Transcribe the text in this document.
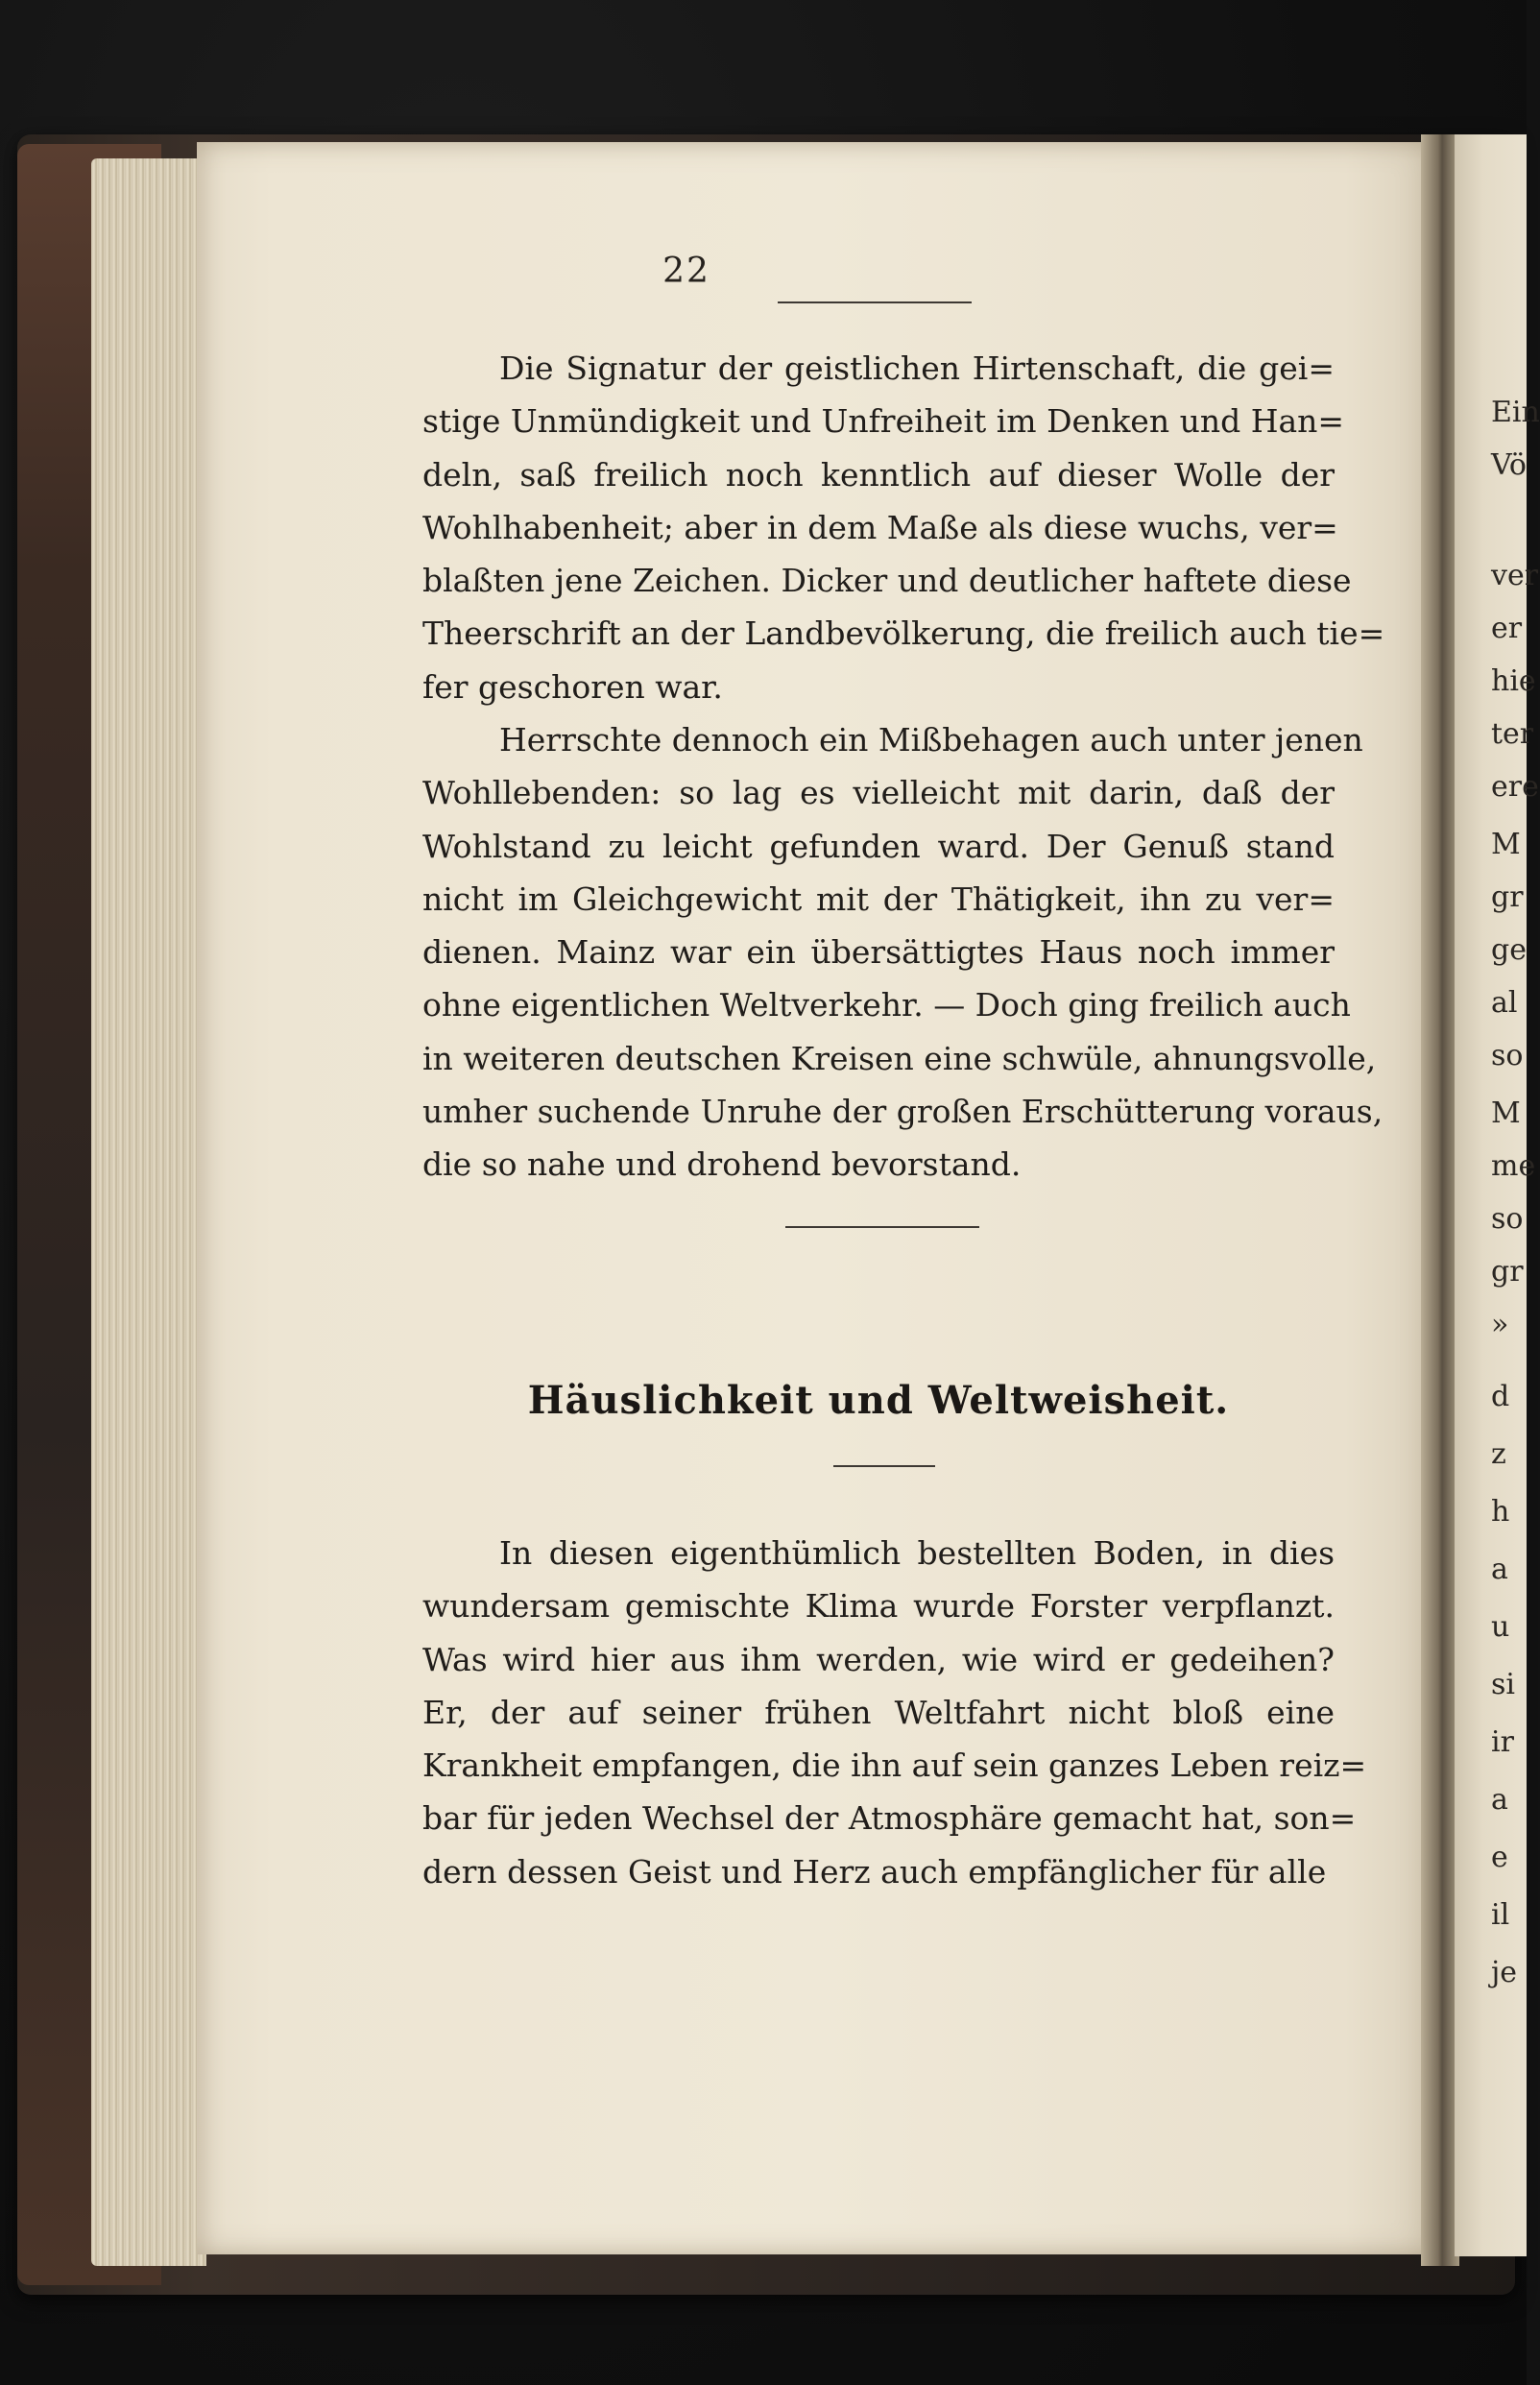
Ein
Vö
ver
er
hie
ter
ere
M
gr
ge
al
so
M
me
so
gr
»
d
z
h
a
u
si
ir
a
e
il
je
22
Die Signatur der geistlichen Hirtenschaft, die gei=
stige Unmündigkeit und Unfreiheit im Denken und Han=
deln, saß freilich noch kenntlich auf dieser Wolle der
Wohlhabenheit; aber in dem Maße als diese wuchs, ver=
blaßten jene Zeichen. Dicker und deutlicher haftete diese
Theerschrift an der Landbevölkerung, die freilich auch tie=
fer geschoren war.
Herrschte dennoch ein Mißbehagen auch unter jenen
Wohllebenden: so lag es vielleicht mit darin, daß der
Wohlstand zu leicht gefunden ward. Der Genuß stand
nicht im Gleichgewicht mit der Thätigkeit, ihn zu ver=
dienen. Mainz war ein übersättigtes Haus noch immer
ohne eigentlichen Weltverkehr. — Doch ging freilich auch
in weiteren deutschen Kreisen eine schwüle, ahnungsvolle,
umher suchende Unruhe der großen Erschütterung voraus,
die so nahe und drohend bevorstand.
Häuslichkeit und Weltweisheit.
In diesen eigenthümlich bestellten Boden, in dies
wundersam gemischte Klima wurde Forster verpflanzt.
Was wird hier aus ihm werden, wie wird er gedeihen?
Er, der auf seiner frühen Weltfahrt nicht bloß eine
Krankheit empfangen, die ihn auf sein ganzes Leben reiz=
bar für jeden Wechsel der Atmosphäre gemacht hat, son=
dern dessen Geist und Herz auch empfänglicher für alle
